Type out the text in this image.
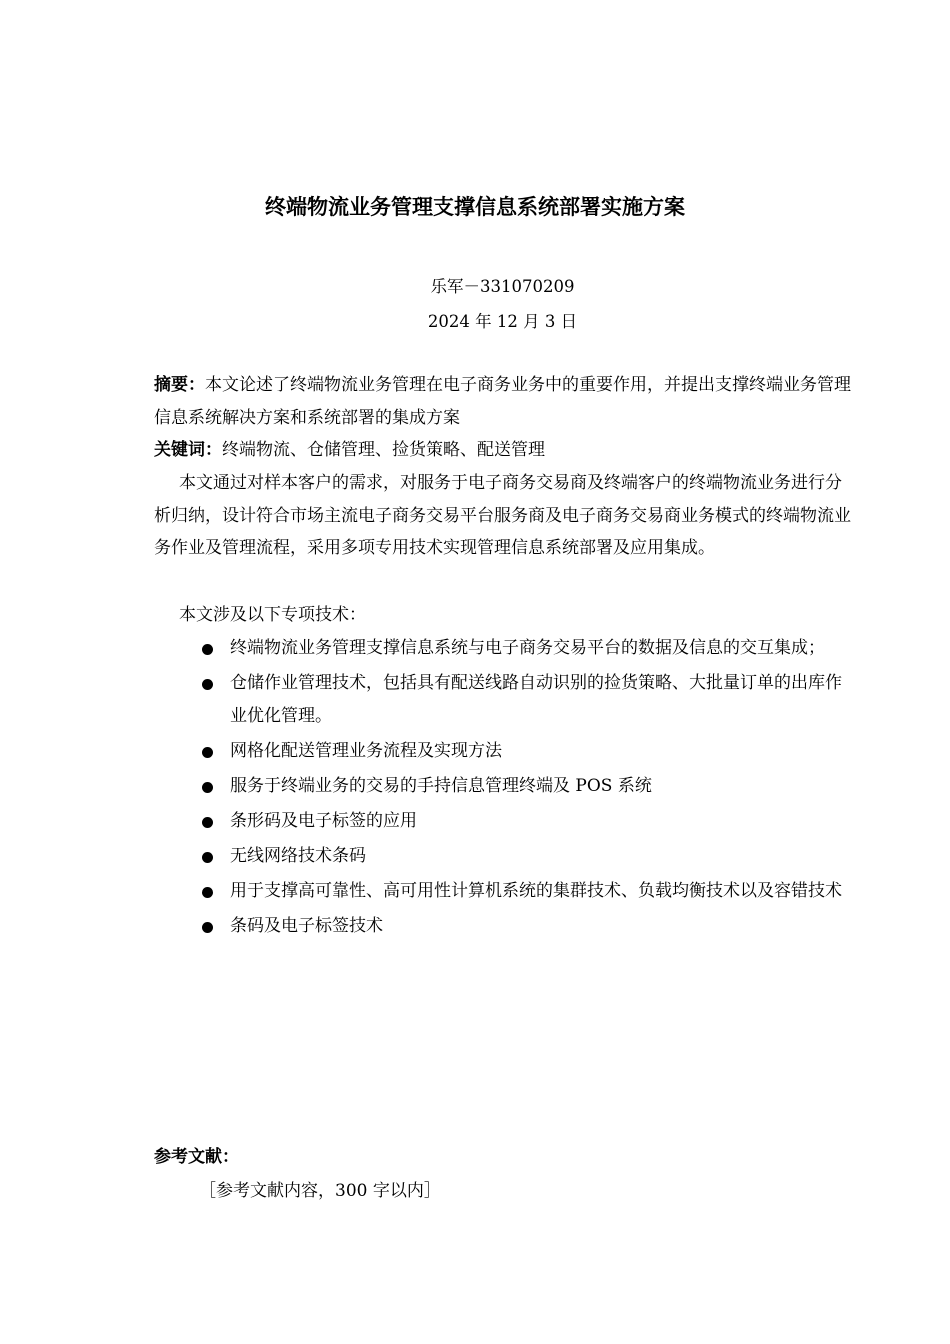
终端物流业务管理支撑信息系统部署实施方案
乐军－331070209
2024 年 12 月 3 日
摘要：本文论述了终端物流业务管理在电子商务业务中的重要作用，并提出支撑终端业务管理信息系统解决方案和系统部署的集成方案
关键词：终端物流、仓储管理、捡货策略、配送管理
本文通过对样本客户的需求，对服务于电子商务交易商及终端客户的终端物流业务进行分析归纳，设计符合市场主流电子商务交易平台服务商及电子商务交易商业务模式的终端物流业务作业及管理流程，采用多项专用技术实现管理信息系统部署及应用集成。
本文涉及以下专项技术：
终端物流业务管理支撑信息系统与电子商务交易平台的数据及信息的交互集成；
仓储作业管理技术，包括具有配送线路自动识别的捡货策略、大批量订单的出库作业优化管理。
网格化配送管理业务流程及实现方法
服务于终端业务的交易的手持信息管理终端及 POS 系统
条形码及电子标签的应用
无线网络技术条码
用于支撑高可靠性、高可用性计算机系统的集群技术、负载均衡技术以及容错技术
条码及电子标签技术
参考文献：
［参考文献内容，300 字以内］
